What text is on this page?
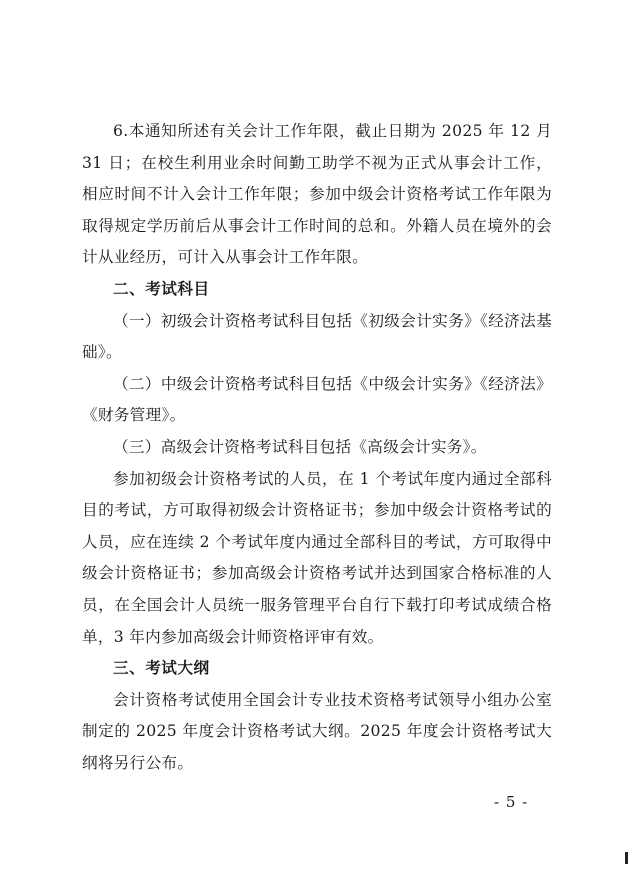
6.本通知所述有关会计工作年限，截止日期为 2025 年 12 月 31 日；在校生利用业余时间勤工助学不视为正式从事会计工作，相应时间不计入会计工作年限；参加中级会计资格考试工作年限为取得规定学历前后从事会计工作时间的总和。外籍人员在境外的会计从业经历，可计入从事会计工作年限。

二、考试科目

（一）初级会计资格考试科目包括《初级会计实务》《经济法基础》。

（二）中级会计资格考试科目包括《中级会计实务》《经济法》《财务管理》。

（三）高级会计资格考试科目包括《高级会计实务》。

参加初级会计资格考试的人员，在 1 个考试年度内通过全部科目的考试，方可取得初级会计资格证书；参加中级会计资格考试的人员，应在连续 2 个考试年度内通过全部科目的考试，方可取得中级会计资格证书；参加高级会计资格考试并达到国家合格标准的人员，在全国会计人员统一服务管理平台自行下载打印考试成绩合格单，3 年内参加高级会计师资格评审有效。

三、考试大纲

会计资格考试使用全国会计专业技术资格考试领导小组办公室制定的 2025 年度会计资格考试大纲。2025 年度会计资格考试大纲将另行公布。

- 5 -
